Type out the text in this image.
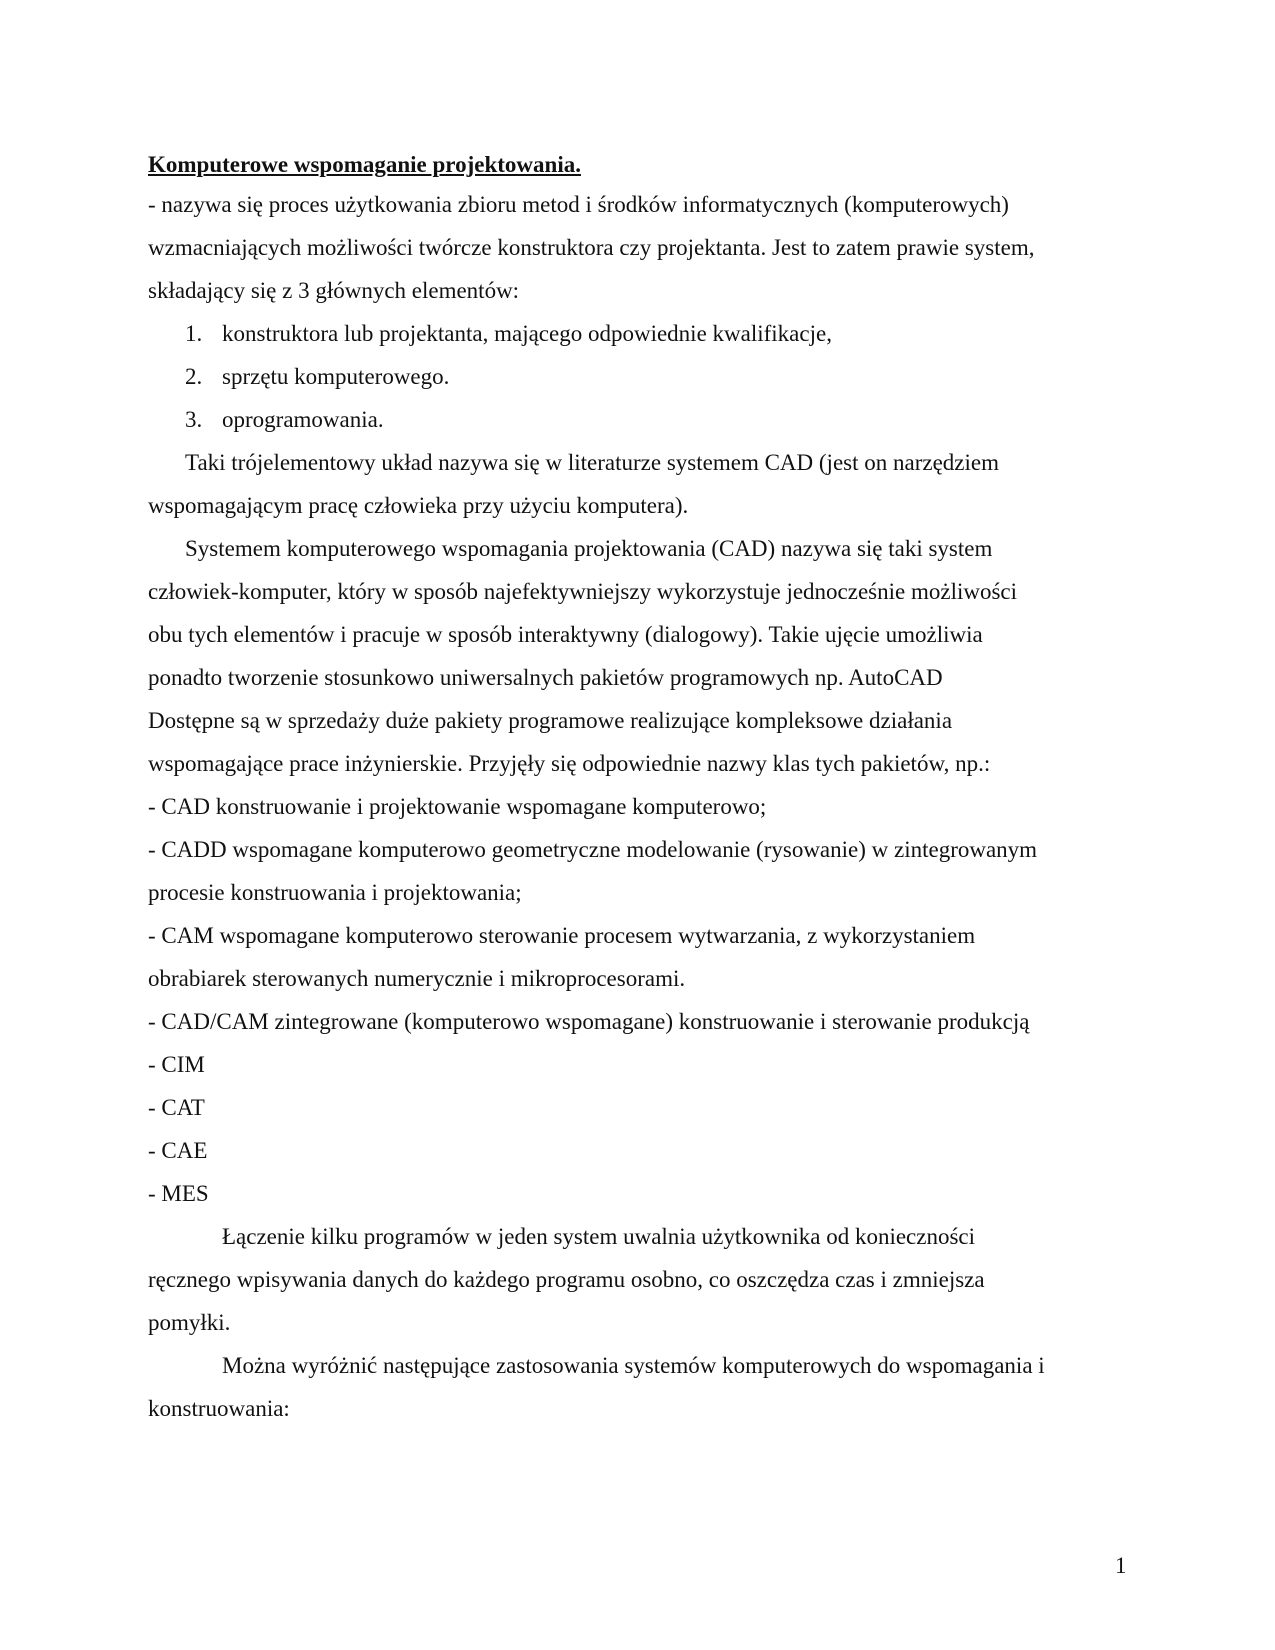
Komputerowe wspomaganie projektowania.
- nazywa się proces użytkowania zbioru metod i środków informatycznych (komputerowych)
wzmacniających możliwości twórcze konstruktora czy projektanta. Jest to zatem prawie system,
składający się z 3 głównych elementów:
1. konstruktora lub projektanta, mającego odpowiednie kwalifikacje,
2. sprzętu komputerowego.
3. oprogramowania.
Taki trójelementowy układ nazywa się w literaturze systemem CAD (jest on narzędziem
wspomagającym pracę człowieka przy użyciu komputera).
Systemem komputerowego wspomagania projektowania (CAD) nazywa się taki system
człowiek-komputer, który w sposób najefektywniejszy wykorzystuje jednocześnie możliwości
obu tych elementów i pracuje w sposób interaktywny (dialogowy). Takie ujęcie umożliwia
ponadto tworzenie stosunkowo uniwersalnych pakietów programowych np. AutoCAD
Dostępne są w sprzedaży duże pakiety programowe realizujące kompleksowe działania
wspomagające prace inżynierskie. Przyjęły się odpowiednie nazwy klas tych pakietów, np.:
- CAD konstruowanie i projektowanie wspomagane komputerowo;
- CADD wspomagane komputerowo geometryczne modelowanie (rysowanie) w zintegrowanym
procesie konstruowania i projektowania;
- CAM wspomagane komputerowo sterowanie procesem wytwarzania, z wykorzystaniem
obrabiarek sterowanych numerycznie i mikroprocesorami.
- CAD/CAM zintegrowane (komputerowo wspomagane) konstruowanie i sterowanie produkcją
- CIM
- CAT
- CAE
- MES
Łączenie kilku programów w jeden system uwalnia użytkownika od konieczności
ręcznego wpisywania danych do każdego programu osobno, co oszczędza czas i zmniejsza
pomyłki.
Można wyróżnić następujące zastosowania systemów komputerowych do wspomagania i
konstruowania:
1
